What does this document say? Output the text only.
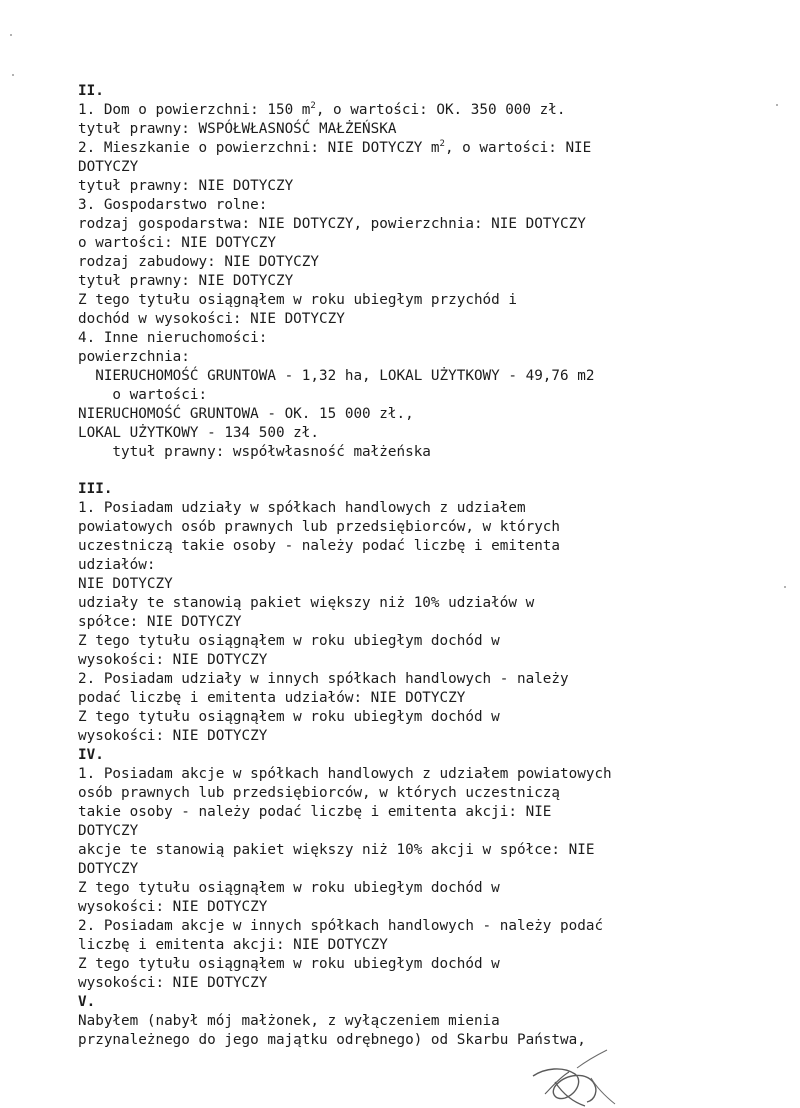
II.
1. Dom o powierzchni: 150 $m^2$, o wartości: OK. 350 000 zł.
tytuł prawny: WSPÓŁWŁASNOŚĆ MAŁŻEŃSKA
2. Mieszkanie o powierzchni: NIE DOTYCZY $m^2$, o wartości: NIE
DOTYCZY
tytuł prawny: NIE DOTYCZY
3. Gospodarstwo rolne:
rodzaj gospodarstwa: NIE DOTYCZY, powierzchnia: NIE DOTYCZY
o wartości: NIE DOTYCZY
rodzaj zabudowy: NIE DOTYCZY
tytuł prawny: NIE DOTYCZY
Z tego tytułu osiągnąłem w roku ubiegłym przychód i
dochód w wysokości: NIE DOTYCZY
4. Inne nieruchomości:
powierzchnia:
NIERUCHOMOŚĆ GRUNTOWA - 1,32 ha, LOKAL UŻYTKOWY - 49,76 m2
o wartości:
NIERUCHOMOŚĆ GRUNTOWA - OK. 15 000 zł.,
LOKAL UŻYTKOWY - 134 500 zł.
tytuł prawny: współwłasność małżeńska
III.
1. Posiadam udziały w spółkach handlowych z udziałem
powiatowych osób prawnych lub przedsiębiorców, w których
uczestniczą takie osoby - należy podać liczbę i emitenta
udziałów:
NIE DOTYCZY
udziały te stanowią pakiet większy niż 10% udziałów w
spółce: NIE DOTYCZY
Z tego tytułu osiągnąłem w roku ubiegłym dochód w
wysokości: NIE DOTYCZY
2. Posiadam udziały w innych spółkach handlowych - należy
podać liczbę i emitenta udziałów: NIE DOTYCZY
Z tego tytułu osiągnąłem w roku ubiegłym dochód w
wysokości: NIE DOTYCZY
IV.
1. Posiadam akcje w spółkach handlowych z udziałem powiatowych
osób prawnych lub przedsiębiorców, w których uczestniczą
takie osoby - należy podać liczbę i emitenta akcji: NIE
DOTYCZY
akcje te stanowią pakiet większy niż 10% akcji w spółce: NIE
DOTYCZY
Z tego tytułu osiągnąłem w roku ubiegłym dochód w
wysokości: NIE DOTYCZY
2. Posiadam akcje w innych spółkach handlowych - należy podać
liczbę i emitenta akcji: NIE DOTYCZY
Z tego tytułu osiągnąłem w roku ubiegłym dochód w
wysokości: NIE DOTYCZY
V.
Nabyłem (nabył mój małżonek, z wyłączeniem mienia
przynależnego do jego majątku odrębnego) od Skarbu Państwa,
